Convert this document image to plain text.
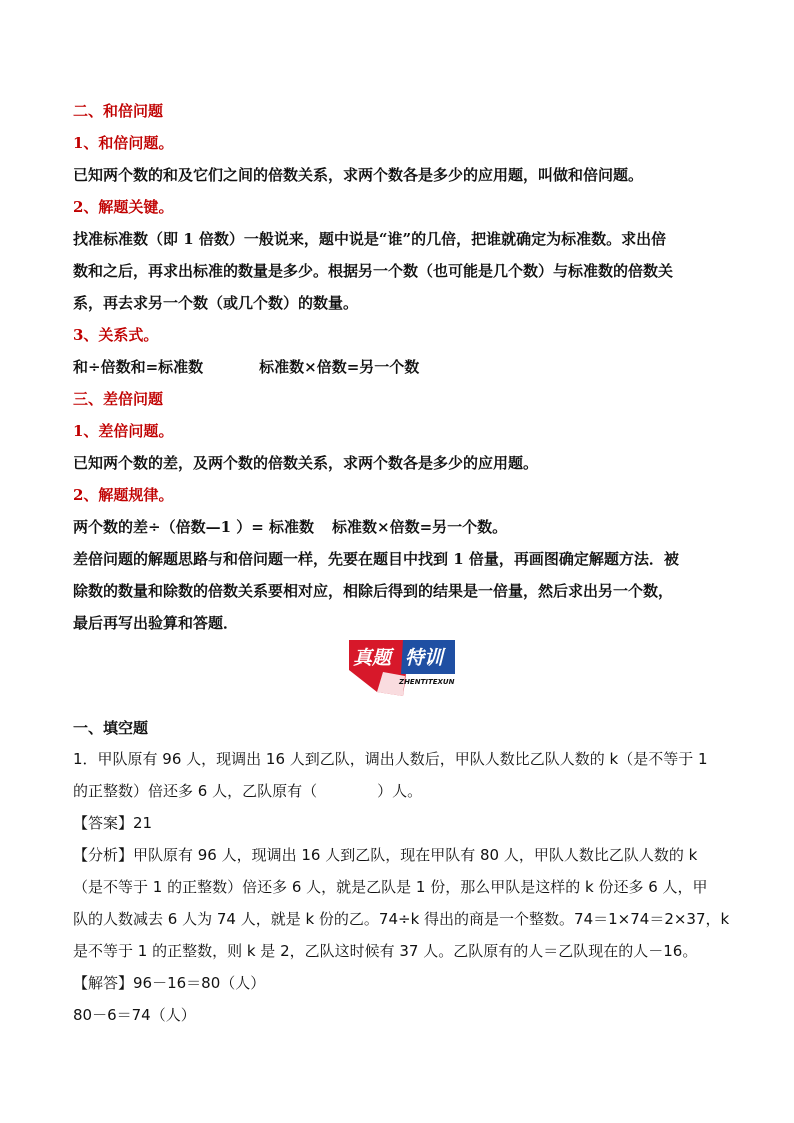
二、和倍问题
1、和倍问题。
已知两个数的和及它们之间的倍数关系，求两个数各是多少的应用题，叫做和倍问题。
2、解题关键。
找准标准数（即 1 倍数）一般说来，题中说是“谁”的几倍，把谁就确定为标准数。求出倍
数和之后，再求出标准的数量是多少。根据另一个数（也可能是几个数）与标准数的倍数关
系，再去求另一个数（或几个数）的数量。
3、关系式。
和÷倍数和=标准数	标准数×倍数=另一个数
三、差倍问题
1、差倍问题。
已知两个数的差，及两个数的倍数关系，求两个数各是多少的应用题。
2、解题规律。
两个数的差÷（倍数—1 ）= 标准数 标准数×倍数=另一个数。
差倍问题的解题思路与和倍问题一样，先要在题目中找到 1 倍量，再画图确定解题方法．被
除数的数量和除数的倍数关系要相对应，相除后得到的结果是一倍量，然后求出另一个数，
最后再写出验算和答题．
真题 特训
ZHENTITEXUN
一、填空题
1．甲队原有 96 人，现调出 16 人到乙队，调出人数后，甲队人数比乙队人数的 k（是不等于 1
的正整数）倍还多 6 人，乙队原有（	）人。
【答案】21
【分析】甲队原有 96 人，现调出 16 人到乙队，现在甲队有 80 人，甲队人数比乙队人数的 k
（是不等于 1 的正整数）倍还多 6 人，就是乙队是 1 份，那么甲队是这样的 k 份还多 6 人，甲
队的人数减去 6 人为 74 人，就是 k 份的乙。74÷k 得出的商是一个整数。74＝1×74＝2×37，k
是不等于 1 的正整数，则 k 是 2，乙队这时候有 37 人。乙队原有的人＝乙队现在的人－16。
【解答】96－16＝80（人）
80－6＝74（人）
